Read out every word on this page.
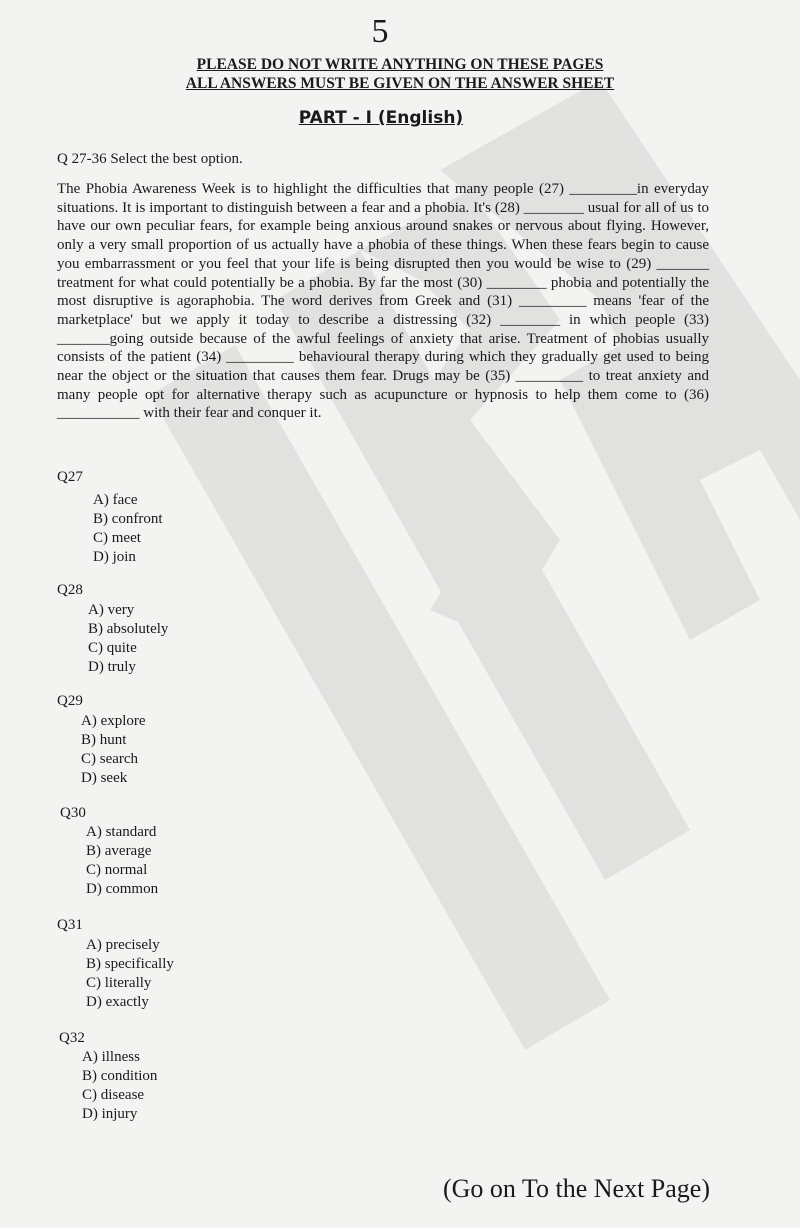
5
PLEASE DO NOT WRITE ANYTHING ON THESE PAGES
ALL ANSWERS MUST BE GIVEN ON THE ANSWER SHEET
PART - I (English)
Q 27-36 Select the best option.

The Phobia Awareness Week is to highlight the difficulties that many people (27) _________in everyday situations. It is important to distinguish between a fear and a phobia. It's (28) ________ usual for all of us to have our own peculiar fears, for example being anxious around snakes or nervous about flying. However, only a very small proportion of us actually have a phobia of these things. When these fears begin to cause you embarrassment or you feel that your life is being disrupted then you would be wise to (29) _______ treatment for what could potentially be a phobia. By far the most (30) ________ phobia and potentially the most disruptive is agoraphobia. The word derives from Greek and (31) _________ means 'fear of the marketplace' but we apply it today to describe a distressing (32) ________ in which people (33) _______going outside because of the awful feelings of anxiety that arise. Treatment of phobias usually consists of the patient (34) _________ behavioural therapy during which they gradually get used to being near the object or the situation that causes them fear. Drugs may be (35) _________ to treat anxiety and many people opt for alternative therapy such as acupuncture or hypnosis to help them come to (36) ___________ with their fear and conquer it.

Q27
A) face
B) confront
C) meet
D) join
Q28
A) very
B) absolutely
C) quite
D) truly
Q29
A) explore
B) hunt
C) search
D) seek
Q30
A) standard
B) average
C) normal
D) common
Q31
A) precisely
B) specifically
C) literally
D) exactly
Q32
A) illness
B) condition
C) disease
D) injury
(Go on To the Next Page)
